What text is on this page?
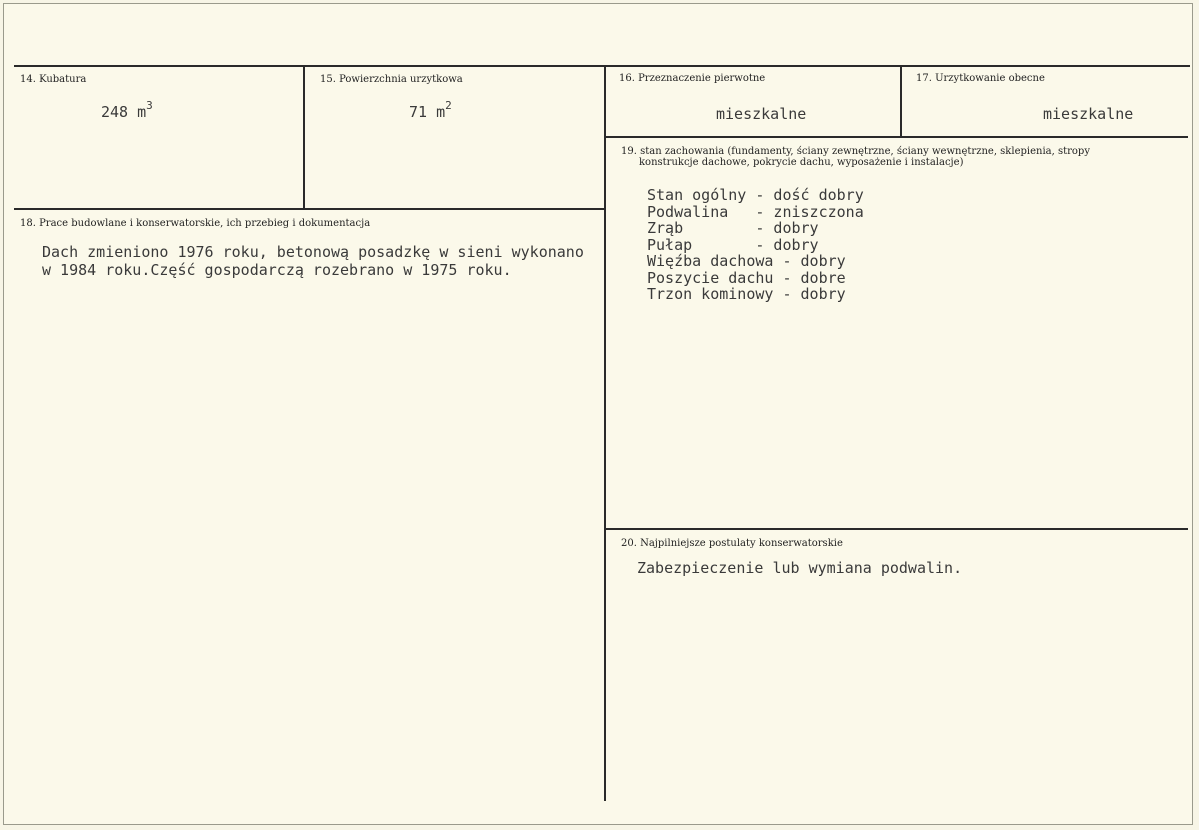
14. Kubatura
248 $m^3$
15. Powierzchnia urzytkowa
71 $m^2$
16. Przeznaczenie pierwotne
mieszkalne
17. Urzytkowanie obecne
mieszkalne
18. Prace budowlane i konserwatorskie, ich przebieg i dokumentacja
Dach zmieniono 1976 roku, betonową posadzkę w sieni wykonano
w 1984 roku.Część gospodarczą rozebrano w 1975 roku.
19. stan zachowania (fundamenty, ściany zewnętrzne, ściany wewnętrzne, sklepienia, stropy
konstrukcje dachowe, pokrycie dachu, wyposażenie i instalacje)
Stan ogólny - dość dobry
Podwalina   - zniszczona
Zrąb        - dobry
Pułap       - dobry
Więźba dachowa - dobry
Poszycie dachu - dobre
Trzon kominowy - dobry
20. Najpilniejsze postulaty konserwatorskie
Zabezpieczenie lub wymiana podwalin.
